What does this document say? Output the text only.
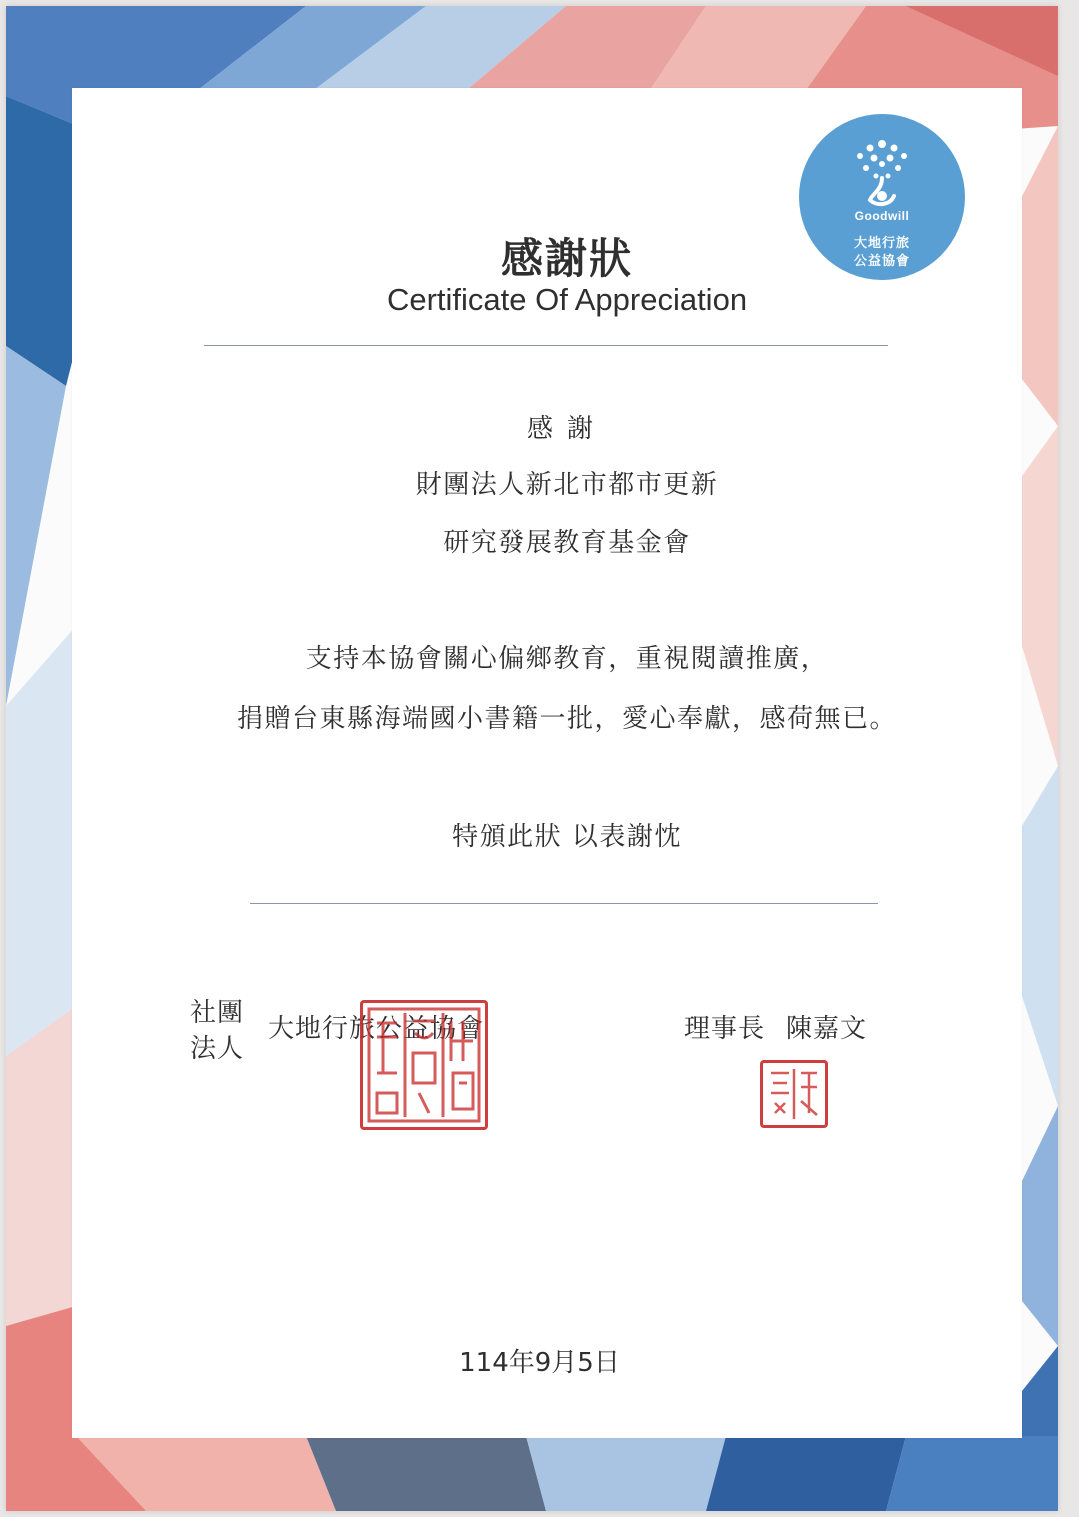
Goodwill
大地行旅
公益協會
感謝狀
Certificate Of Appreciation
感謝
財團法人新北市都市更新
研究發展教育基金會
支持本協會關心偏鄉教育，重視閱讀推廣，
捐贈台東縣海端國小書籍一批，愛心奉獻，感荷無已。
特頒此狀 以表謝忱
社團
法人
大地行旅公益協會	理事長 陳嘉文
114年9月5日
